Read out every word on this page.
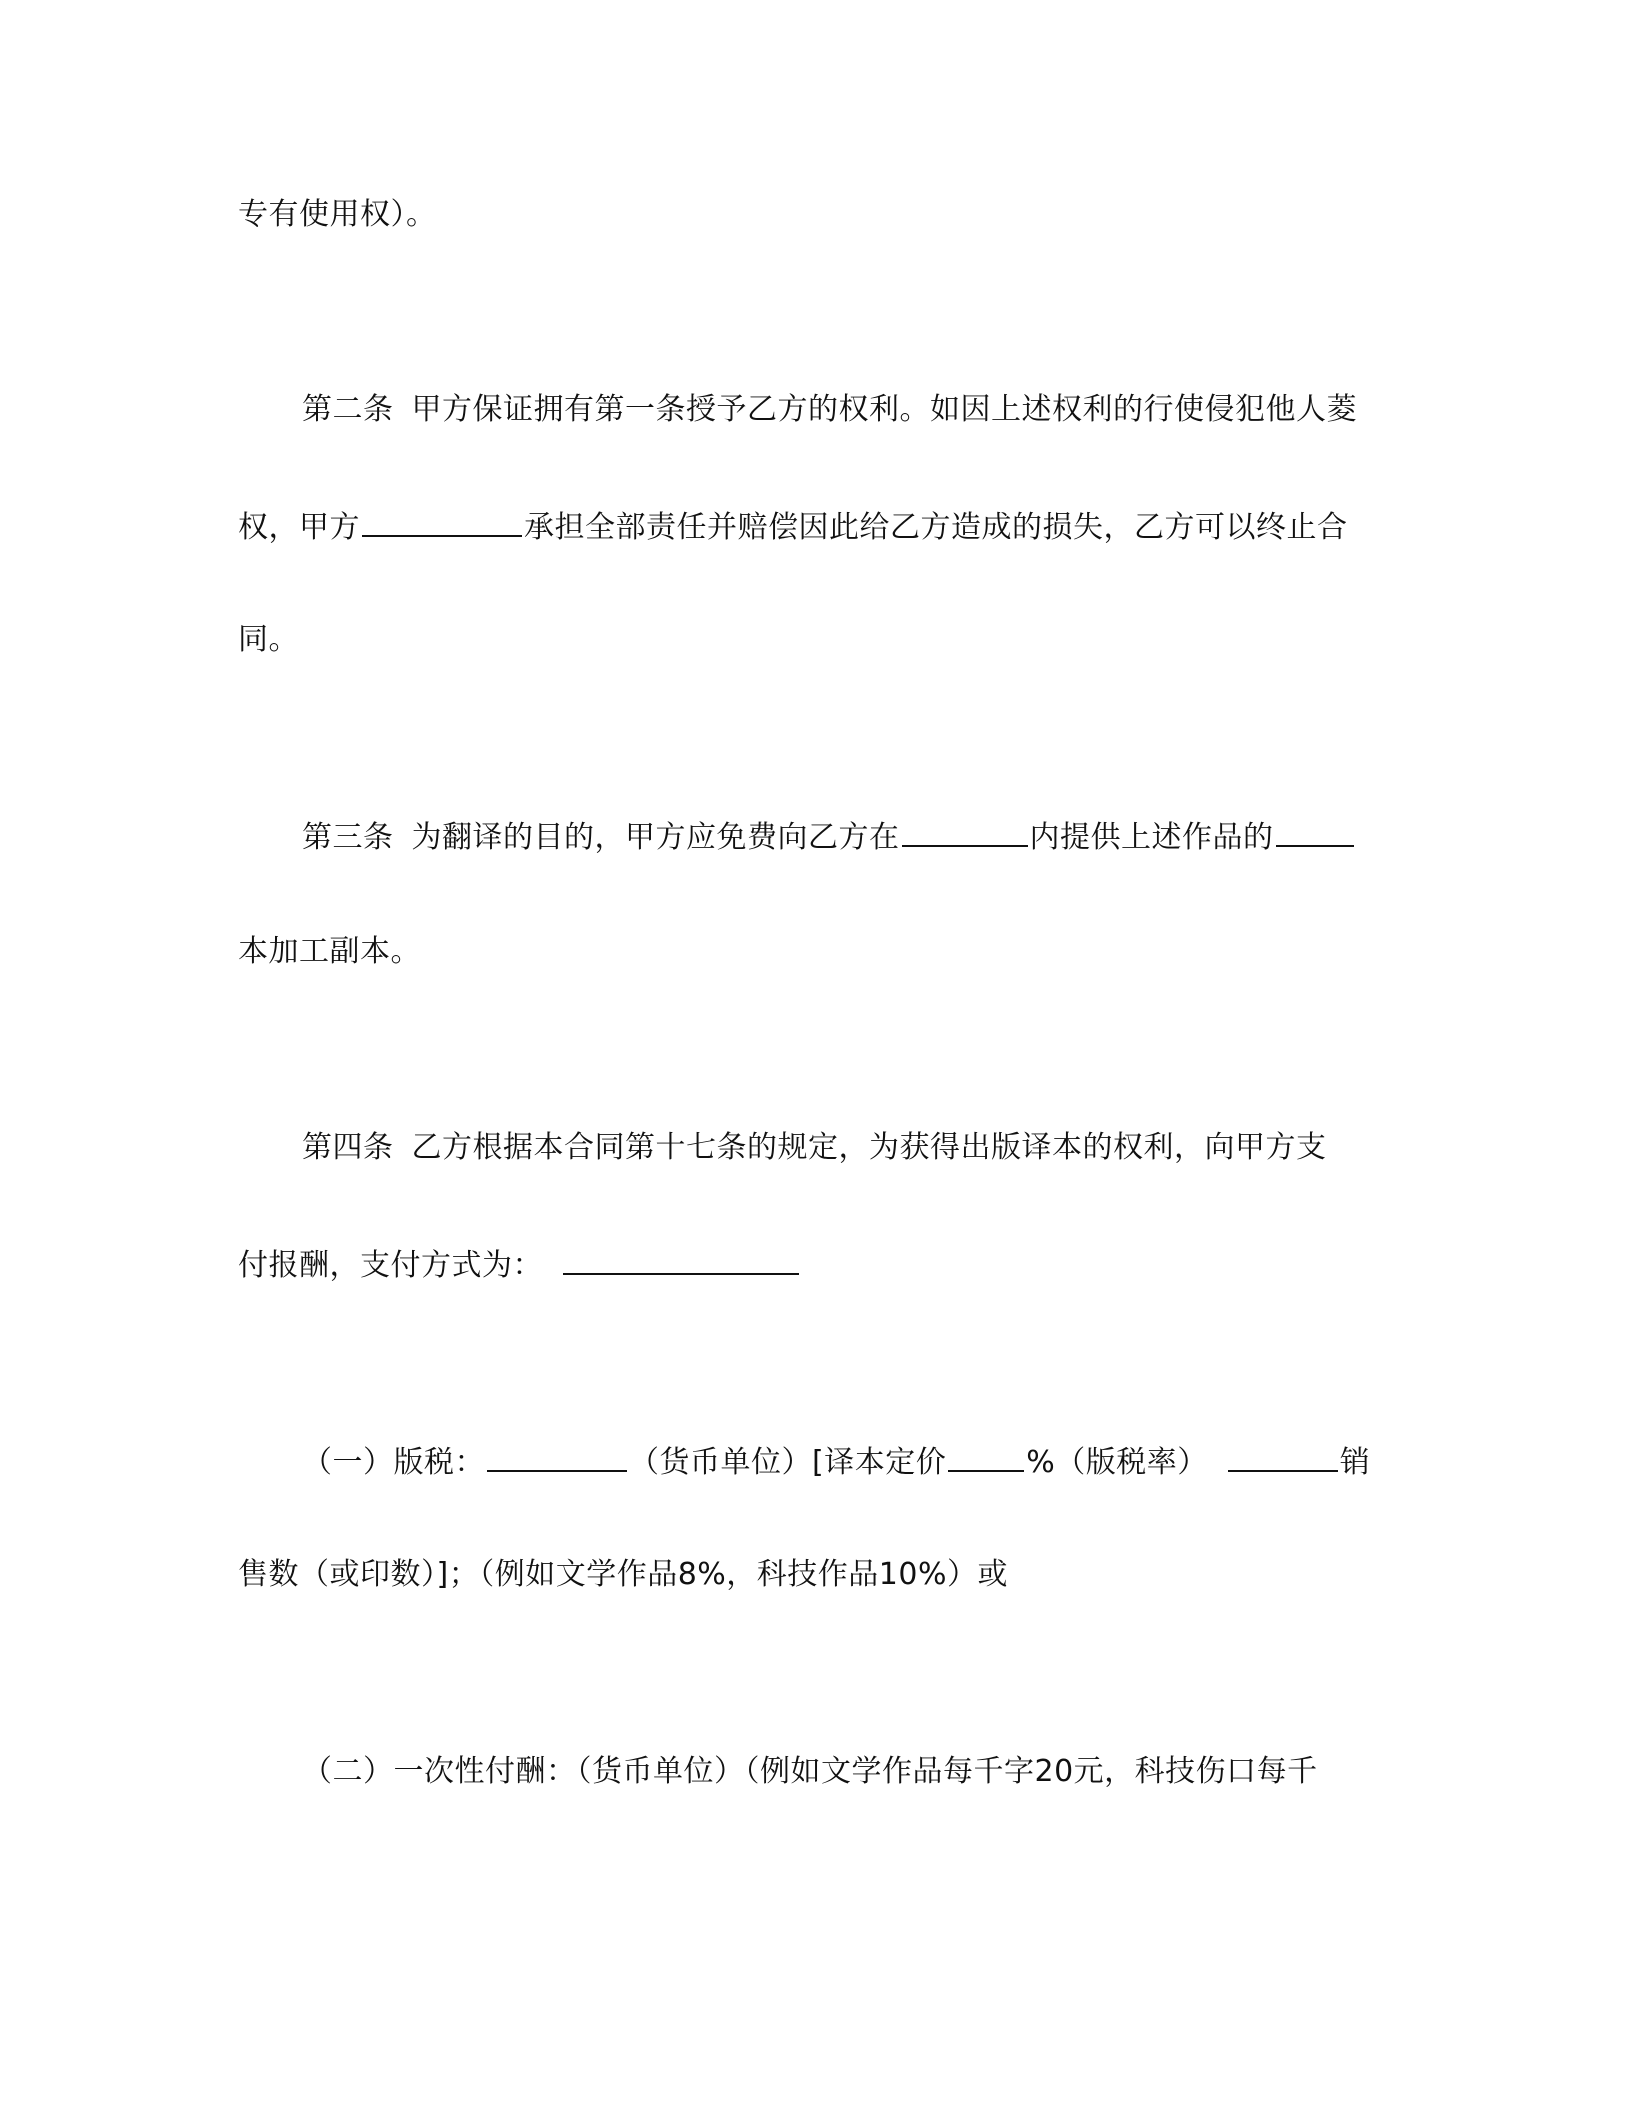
专有使用权）。
第二条 甲方保证拥有第一条授予乙方的权利。如因上述权利的行使侵犯他人菱
权，甲方	承担全部责任并赔偿因此给乙方造成的损失，乙方可以终止合
同。
第三条 为翻译的目的，甲方应免费向乙方在	内提供上述作品的
本加工副本。
第四条 乙方根据本合同第十七条的规定，为获得出版译本的权利，向甲方支
付报酬，支付方式为：
（一）版税：	（货币单位）[译本定价	%（版税率）	销
售数（或印数）]；（例如文学作品8%，科技作品10%）或
（二）一次性付酬：（货币单位）（例如文学作品每千字20元，科技伤口每千
